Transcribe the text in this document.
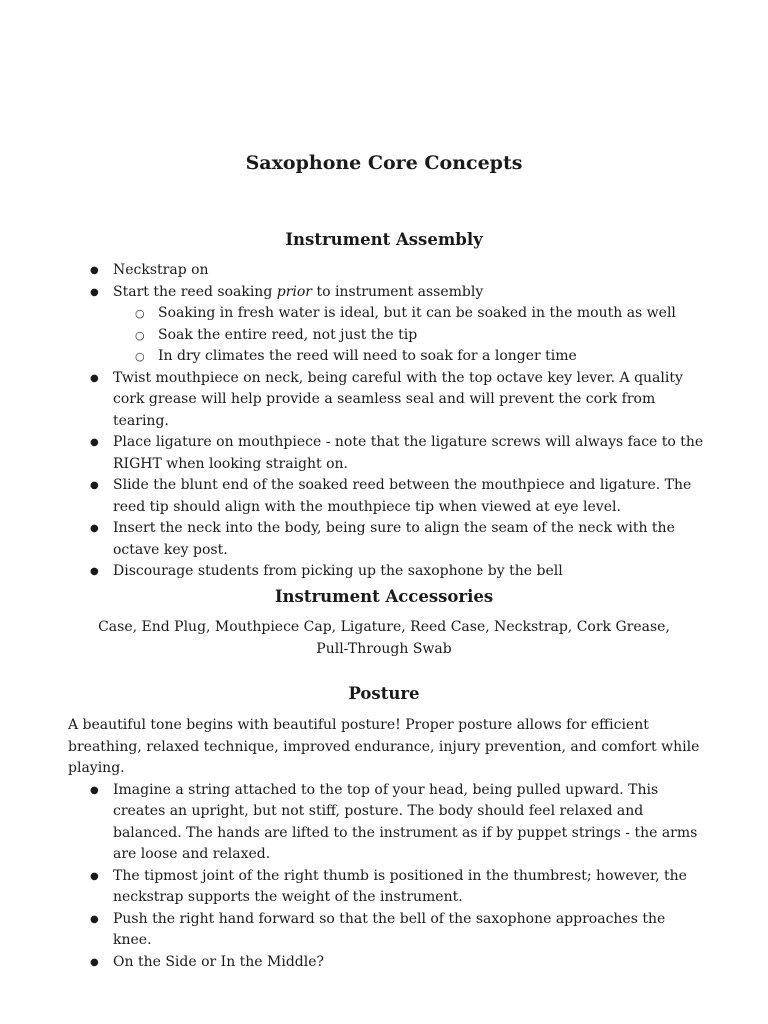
Saxophone Core Concepts
Instrument Assembly
● Neckstrap on
● Start the reed soaking prior to instrument assembly
○ Soaking in fresh water is ideal, but it can be soaked in the mouth as well
○ Soak the entire reed, not just the tip
○ In dry climates the reed will need to soak for a longer time
● Twist mouthpiece on neck, being careful with the top octave key lever. A quality cork grease will help provide a seamless seal and will prevent the cork from tearing.
● Place ligature on mouthpiece - note that the ligature screws will always face to the RIGHT when looking straight on.
● Slide the blunt end of the soaked reed between the mouthpiece and ligature. The reed tip should align with the mouthpiece tip when viewed at eye level.
● Insert the neck into the body, being sure to align the seam of the neck with the octave key post.
● Discourage students from picking up the saxophone by the bell
Instrument Accessories
Case, End Plug, Mouthpiece Cap, Ligature, Reed Case, Neckstrap, Cork Grease,
Pull-Through Swab
Posture
A beautiful tone begins with beautiful posture! Proper posture allows for efficient breathing, relaxed technique, improved endurance, injury prevention, and comfort while playing.
● Imagine a string attached to the top of your head, being pulled upward. This creates an upright, but not stiff, posture. The body should feel relaxed and balanced. The hands are lifted to the instrument as if by puppet strings - the arms are loose and relaxed.
● The tipmost joint of the right thumb is positioned in the thumbrest; however, the neckstrap supports the weight of the instrument.
● Push the right hand forward so that the bell of the saxophone approaches the knee.
● On the Side or In the Middle?
